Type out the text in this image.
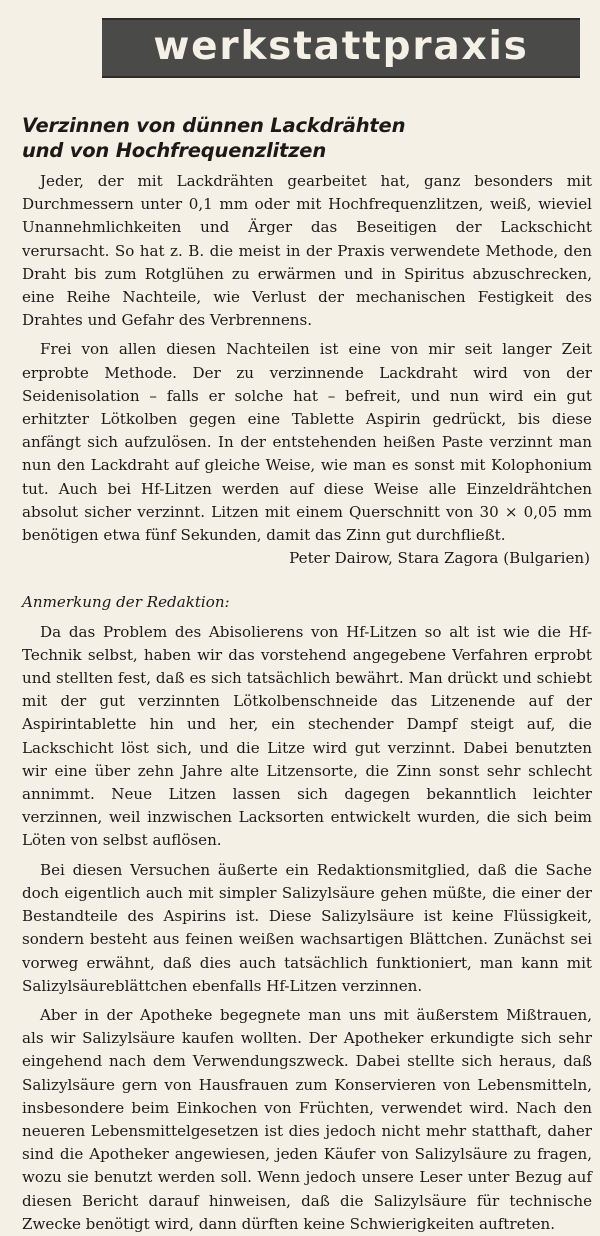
werkstattpraxis
Verzinnen von dünnen Lackdrähten
und von Hochfrequenzlitzen

Jeder, der mit Lackdrähten gearbeitet hat, ganz besonders mit Durchmessern unter 0,1 mm oder mit Hochfrequenzlitzen, weiß, wieviel Unannehmlichkeiten und Ärger das Beseitigen der Lackschicht verursacht. So hat z. B. die meist in der Praxis verwendete Methode, den Draht bis zum Rotglühen zu erwärmen und in Spiritus abzuschrecken, eine Reihe Nachteile, wie Verlust der mechanischen Festigkeit des Drahtes und Gefahr des Verbrennens.

Frei von allen diesen Nachteilen ist eine von mir seit langer Zeit erprobte Methode. Der zu verzinnende Lackdraht wird von der Seidenisolation – falls er solche hat – befreit, und nun wird ein gut erhitzter Lötkolben gegen eine Tablette Aspirin gedrückt, bis diese anfängt sich aufzulösen. In der entstehenden heißen Paste verzinnt man nun den Lackdraht auf gleiche Weise, wie man es sonst mit Kolophonium tut. Auch bei Hf-Litzen werden auf diese Weise alle Einzeldrähtchen absolut sicher verzinnt. Litzen mit einem Querschnitt von 30 × 0,05 mm benötigen etwa fünf Sekunden, damit das Zinn gut durchfließt.

Peter Dairow, Stara Zagora (Bulgarien)

Anmerkung der Redaktion:

Da das Problem des Abisolierens von Hf-Litzen so alt ist wie die Hf-Technik selbst, haben wir das vorstehend angegebene Verfahren erprobt und stellten fest, daß es sich tatsächlich bewährt. Man drückt und schiebt mit der gut verzinnten Lötkolbenschneide das Litzenende auf der Aspirintablette hin und her, ein stechender Dampf steigt auf, die Lackschicht löst sich, und die Litze wird gut verzinnt. Dabei benutzten wir eine über zehn Jahre alte Litzensorte, die Zinn sonst sehr schlecht annimmt. Neue Litzen lassen sich dagegen bekanntlich leichter verzinnen, weil inzwischen Lacksorten entwickelt wurden, die sich beim Löten von selbst auflösen.

Bei diesen Versuchen äußerte ein Redaktionsmitglied, daß die Sache doch eigentlich auch mit simpler Salizylsäure gehen müßte, die einer der Bestandteile des Aspirins ist. Diese Salizylsäure ist keine Flüssigkeit, sondern besteht aus feinen weißen wachsartigen Blättchen. Zunächst sei vorweg erwähnt, daß dies auch tatsächlich funktioniert, man kann mit Salizylsäureblättchen ebenfalls Hf-Litzen verzinnen.

Aber in der Apotheke begegnete man uns mit äußerstem Mißtrauen, als wir Salizylsäure kaufen wollten. Der Apotheker erkundigte sich sehr eingehend nach dem Verwendungszweck. Dabei stellte sich heraus, daß Salizylsäure gern von Hausfrauen zum Konservieren von Lebensmitteln, insbesondere beim Einkochen von Früchten, verwendet wird. Nach den neueren Lebensmittelgesetzen ist dies jedoch nicht mehr statthaft, daher sind die Apotheker angewiesen, jeden Käufer von Salizylsäure zu fragen, wozu sie benutzt werden soll. Wenn jedoch unsere Leser unter Bezug auf diesen Bericht darauf hinweisen, daß die Salizylsäure für technische Zwecke benötigt wird, dann dürften keine Schwierigkeiten auftreten.
